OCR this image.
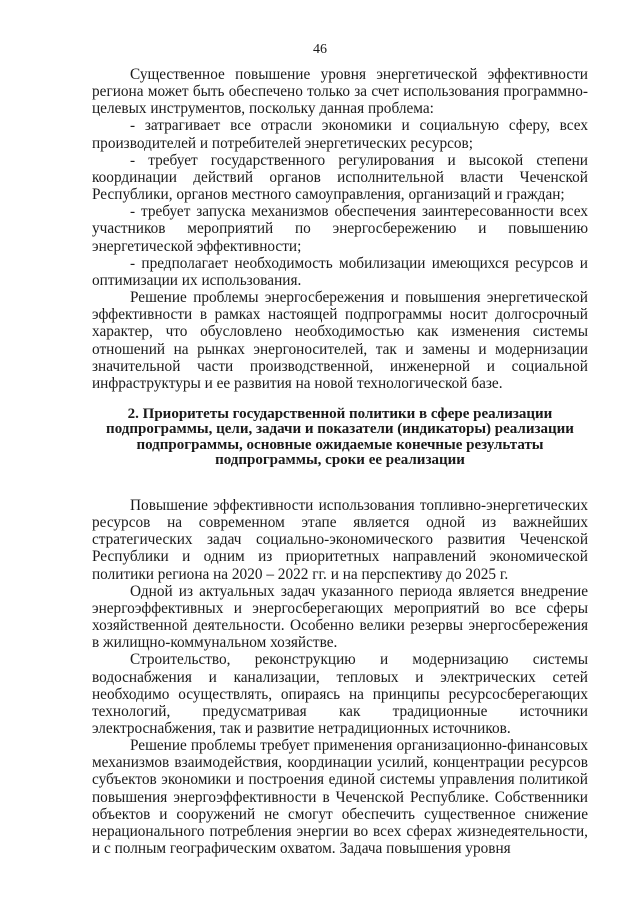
46

Существенное повышение уровня энергетической эффективности региона может быть обеспечено только за счет использования программно-целевых инструментов, поскольку данная проблема:

- затрагивает все отрасли экономики и социальную сферу, всех производителей и потребителей энергетических ресурсов;

- требует государственного регулирования и высокой степени координации действий органов исполнительной власти Чеченской Республики, органов местного самоуправления, организаций и граждан;

- требует запуска механизмов обеспечения заинтересованности всех участников мероприятий по энергосбережению и повышению энергетической эффективности;

- предполагает необходимость мобилизации имеющихся ресурсов и оптимизации их использования.

Решение проблемы энергосбережения и повышения энергетической эффективности в рамках настоящей подпрограммы носит долгосрочный характер, что обусловлено необходимостью как изменения системы отношений на рынках энергоносителей, так и замены и модернизации значительной части производственной, инженерной и социальной инфраструктуры и ее развития на новой технологической базе.

2. Приоритеты государственной политики в сфере реализации подпрограммы, цели, задачи и показатели (индикаторы) реализации подпрограммы, основные ожидаемые конечные результаты подпрограммы, сроки ее реализации

Повышение эффективности использования топливно-энергетических ресурсов на современном этапе является одной из важнейших стратегических задач социально-экономического развития Чеченской Республики и одним из приоритетных направлений экономической политики региона на 2020 – 2022 гг. и на перспективу до 2025 г.

Одной из актуальных задач указанного периода является внедрение энергоэффективных и энергосберегающих мероприятий во все сферы хозяйственной деятельности. Особенно велики резервы энергосбережения в жилищно-коммунальном хозяйстве.

Строительство, реконструкцию и модернизацию системы водоснабжения и канализации, тепловых и электрических сетей необходимо осуществлять, опираясь на принципы ресурсосберегающих технологий, предусматривая как традиционные источники электроснабжения, так и развитие нетрадиционных источников.

Решение проблемы требует применения организационно-финансовых механизмов взаимодействия, координации усилий, концентрации ресурсов субъектов экономики и построения единой системы управления политикой повышения энергоэффективности в Чеченской Республике. Собственники объектов и сооружений не смогут обеспечить существенное снижение нерационального потребления энергии во всех сферах жизнедеятельности, и с полным географическим охватом. Задача повышения уровня
